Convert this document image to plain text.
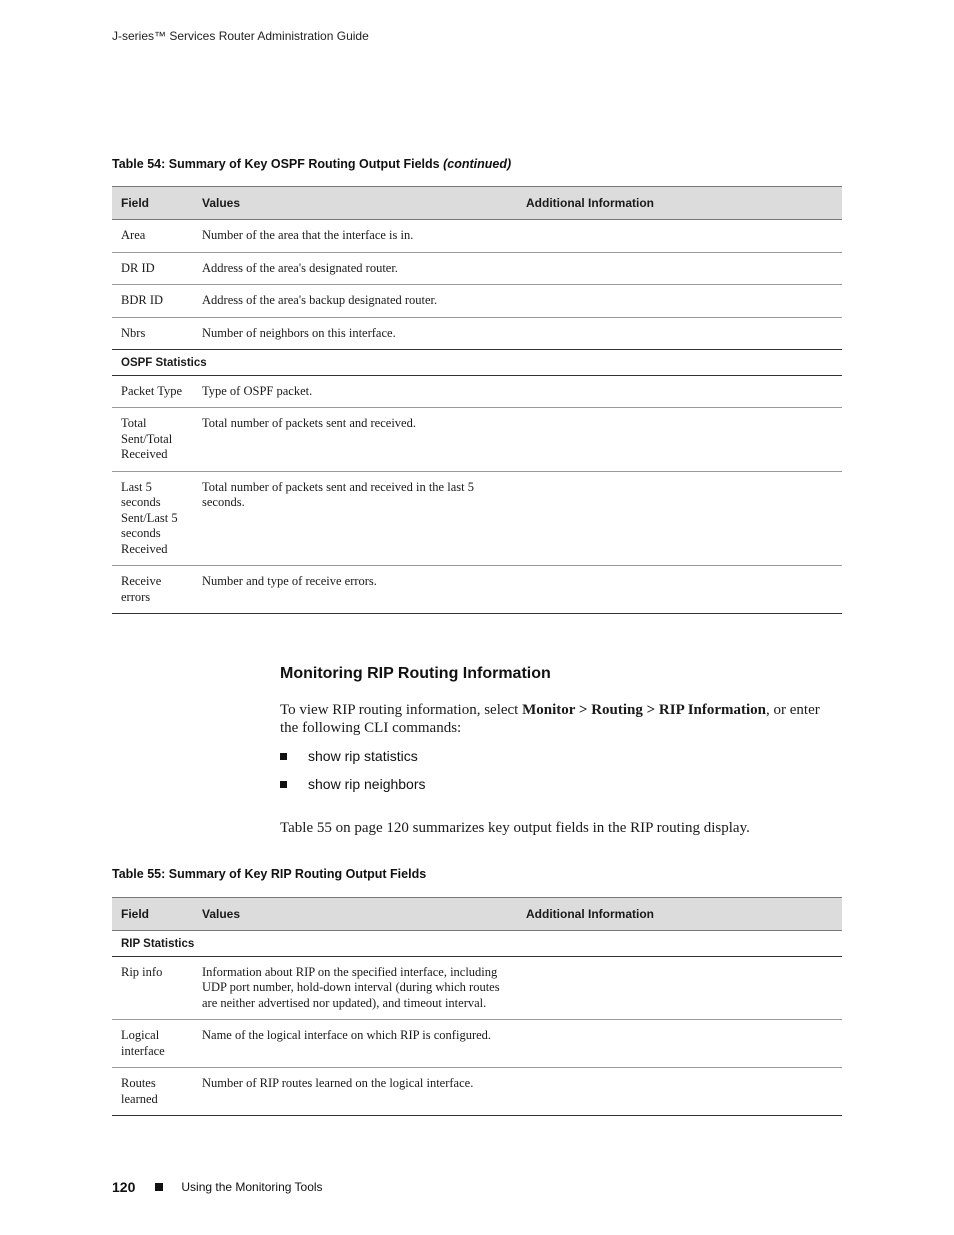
J-series™ Services Router Administration Guide
Table 54: Summary of Key OSPF Routing Output Fields (continued)
Field	Values	Additional Information
Area	Number of the area that the interface is in.	
DR ID	Address of the area's designated router.	
BDR ID	Address of the area's backup designated router.	
Nbrs	Number of neighbors on this interface.	
OSPF Statistics		
Packet Type	Type of OSPF packet.	
Total Sent/Total Received	Total number of packets sent and received.	
Last 5 seconds Sent/Last 5 seconds Received	Total number of packets sent and received in the last 5 seconds.	
Receive errors	Number and type of receive errors.	
Monitoring RIP Routing Information
To view RIP routing information, select Monitor > Routing > RIP Information, or enter the following CLI commands:
show rip statistics
show rip neighbors
Table 55 on page 120 summarizes key output fields in the RIP routing display.
Table 55: Summary of Key RIP Routing Output Fields
Field	Values	Additional Information
RIP Statistics		
Rip info	Information about RIP on the specified interface, including UDP port number, hold-down interval (during which routes are neither advertised nor updated), and timeout interval.	
Logical interface	Name of the logical interface on which RIP is configured.	
Routes learned	Number of RIP routes learned on the logical interface.	
120	Using the Monitoring Tools
